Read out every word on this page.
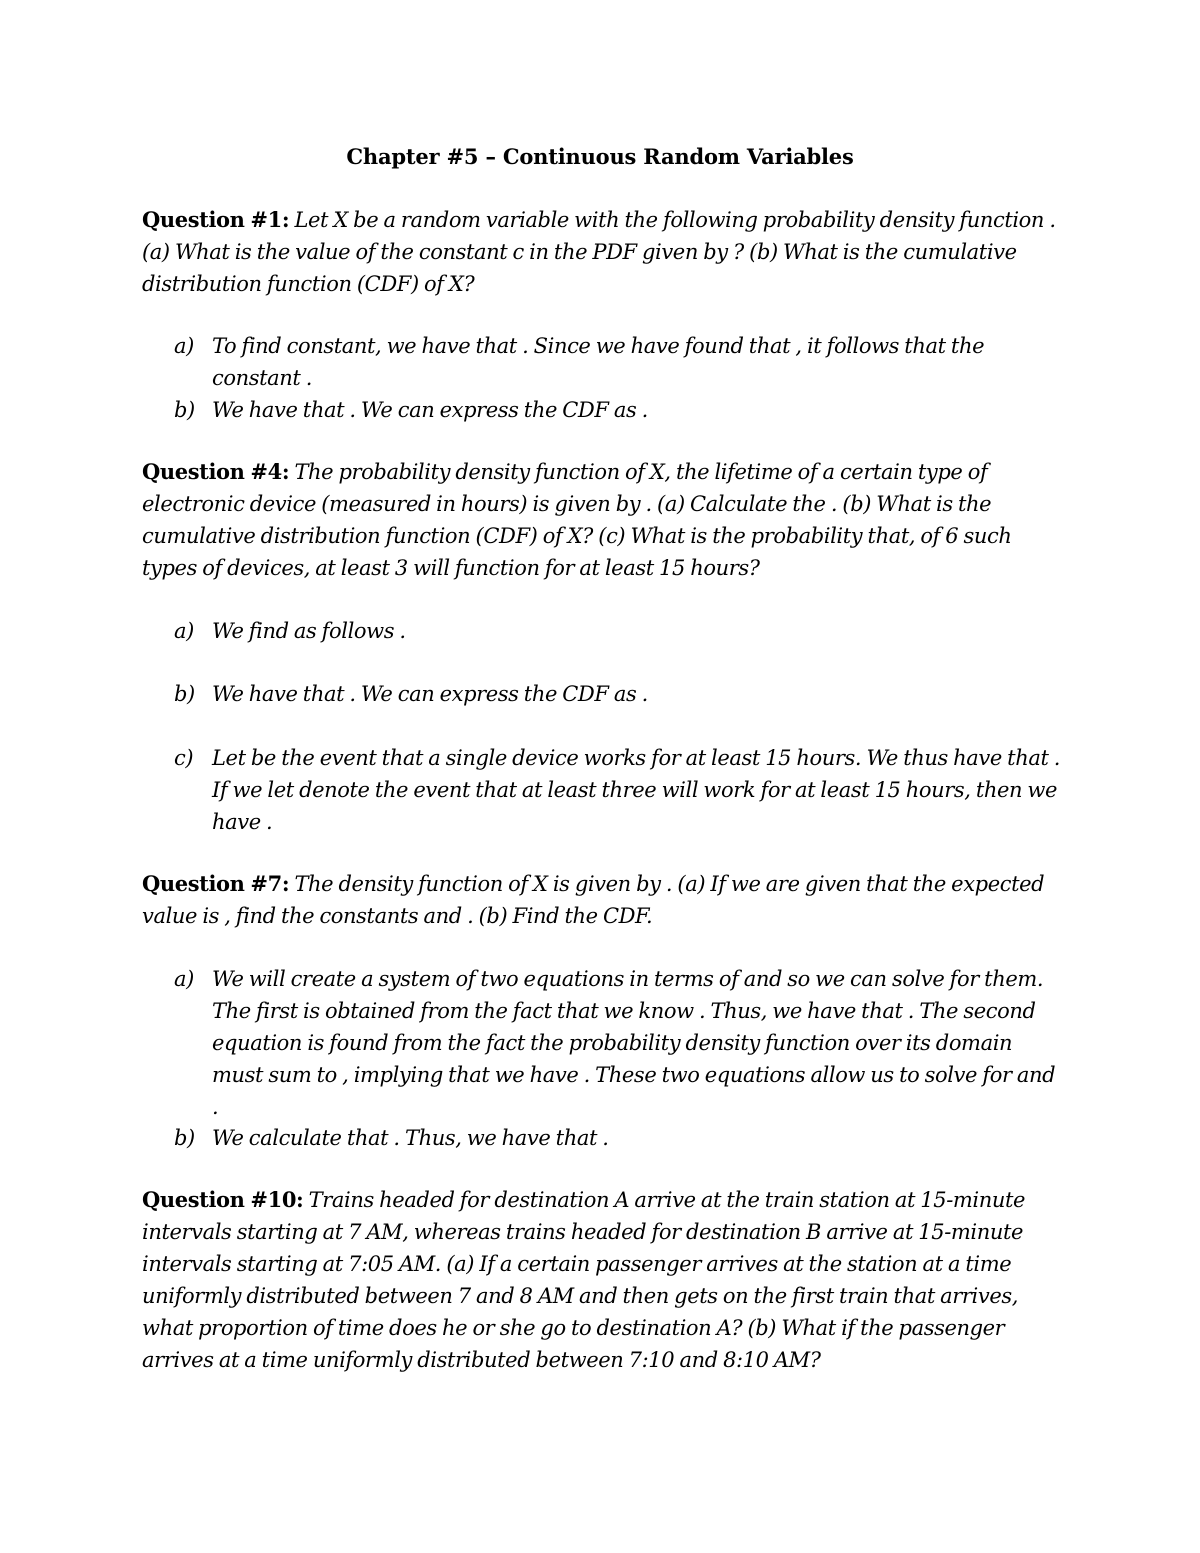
Chapter #5 – Continuous Random Variables
Question #1: Let X be a random variable with the following probability density function . (a) What is the value of the constant c in the PDF given by ? (b) What is the cumulative distribution function (CDF) of X?
a) To find constant, we have that . Since we have found that , it follows that the constant .
b) We have that . We can express the CDF as .
Question #4: The probability density function of X, the lifetime of a certain type of electronic device (measured in hours) is given by . (a) Calculate the . (b) What is the cumulative distribution function (CDF) of X? (c) What is the probability that, of 6 such types of devices, at least 3 will function for at least 15 hours?
a) We find as follows .
b) We have that . We can express the CDF as .
c) Let be the event that a single device works for at least 15 hours. We thus have that . If we let denote the event that at least three will work for at least 15 hours, then we have .
Question #7: The density function of X is given by . (a) If we are given that the expected value is , find the constants and . (b) Find the CDF.
a) We will create a system of two equations in terms of and so we can solve for them. The first is obtained from the fact that we know . Thus, we have that . The second equation is found from the fact the probability density function over its domain must sum to , implying that we have . These two equations allow us to solve for and .
b) We calculate that . Thus, we have that .
Question #10: Trains headed for destination A arrive at the train station at 15-minute intervals starting at 7 AM, whereas trains headed for destination B arrive at 15-minute intervals starting at 7:05 AM. (a) If a certain passenger arrives at the station at a time uniformly distributed between 7 and 8 AM and then gets on the first train that arrives, what proportion of time does he or she go to destination A? (b) What if the passenger arrives at a time uniformly distributed between 7:10 and 8:10 AM?
